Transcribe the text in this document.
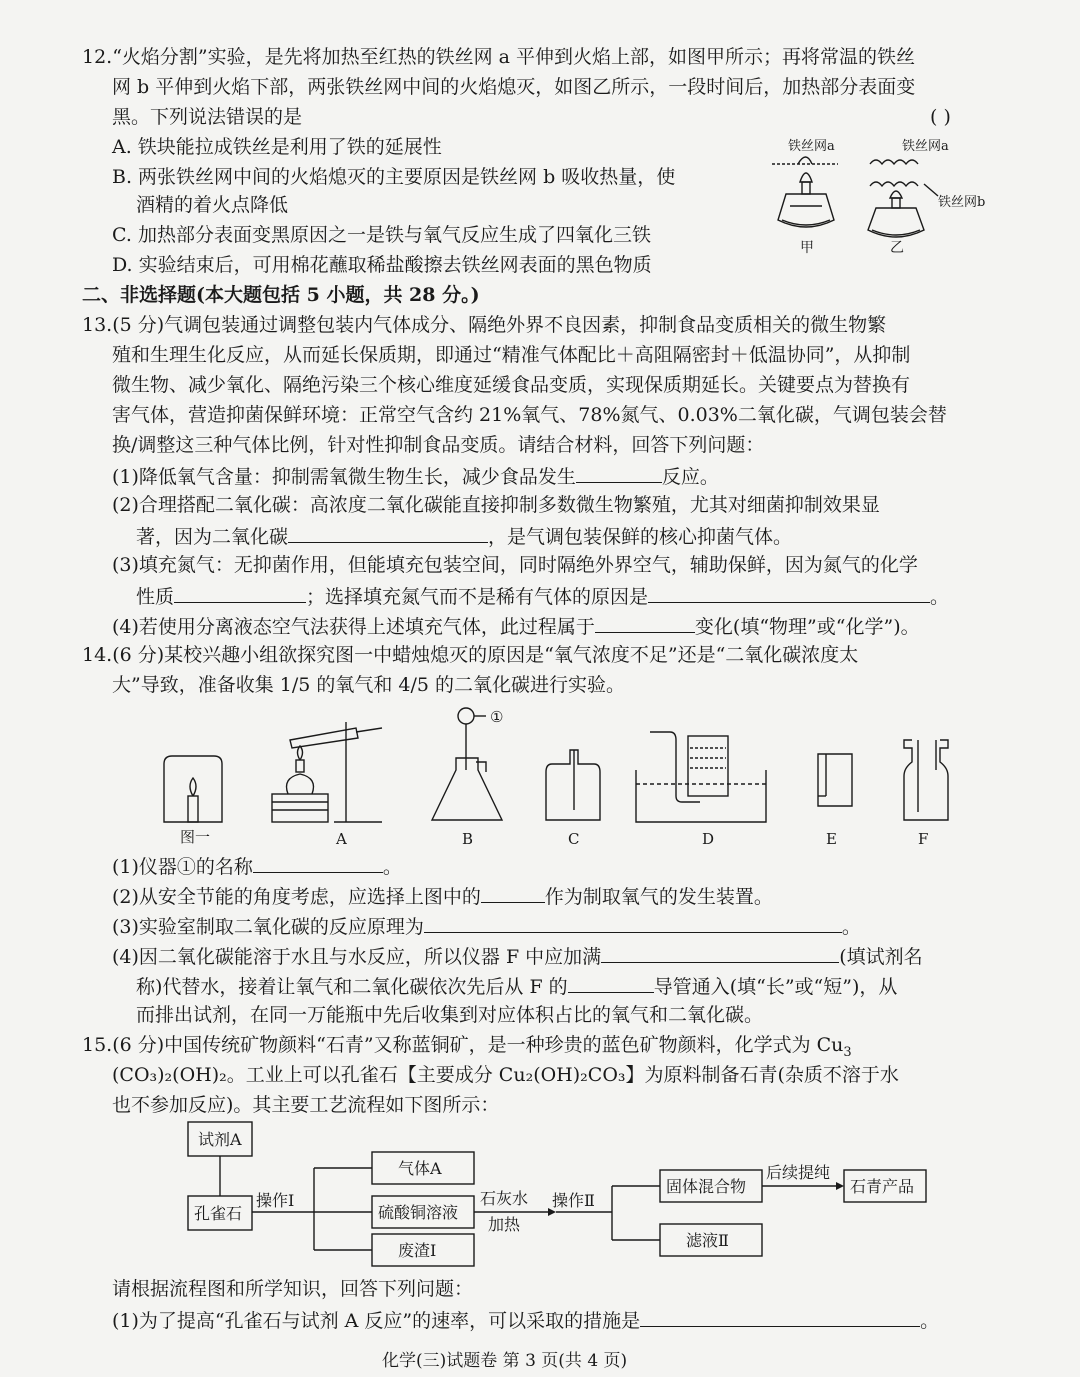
12.“火焰分割”实验，是先将加热至红热的铁丝网 a 平伸到火焰上部，如图甲所示；再将常温的铁丝
网 b 平伸到火焰下部，两张铁丝网中间的火焰熄灭，如图乙所示，一段时间后，加热部分表面变
黑。下列说法错误的是	( )
A. 铁块能拉成铁丝是利用了铁的延展性
B. 两张铁丝网中间的火焰熄灭的主要原因是铁丝网 b 吸收热量，使
酒精的着火点降低
C. 加热部分表面变黑原因之一是铁与氧气反应生成了四氧化三铁
D. 实验结束后，可用棉花蘸取稀盐酸擦去铁丝网表面的黑色物质
铁丝网a
甲
铁丝网a
铁丝网b
乙
二、非选择题(本大题包括 5 小题，共 28 分。)
13.(5 分)气调包装通过调整包装内气体成分、隔绝外界不良因素，抑制食品变质相关的微生物繁
殖和生理生化反应，从而延长保质期，即通过“精准气体配比＋高阻隔密封＋低温协同”，从抑制
微生物、减少氧化、隔绝污染三个核心维度延缓食品变质，实现保质期延长。关键要点为替换有
害气体，营造抑菌保鲜环境：正常空气含约 21%氧气、78%氮气、0.03%二氧化碳，气调包装会替
换/调整这三种气体比例，针对性抑制食品变质。请结合材料，回答下列问题：
(1)降低氧气含量：抑制需氧微生物生长，减少食品发生	反应。
(2)合理搭配二氧化碳：高浓度二氧化碳能直接抑制多数微生物繁殖，尤其对细菌抑制效果显
著，因为二氧化碳	，是气调包装保鲜的核心抑菌气体。
(3)填充氮气：无抑菌作用，但能填充包装空间，同时隔绝外界空气，辅助保鲜，因为氮气的化学
性质	；选择填充氮气而不是稀有气体的原因是	。
(4)若使用分离液态空气法获得上述填充气体，此过程属于	变化(填“物理”或“化学”)。
14.(6 分)某校兴趣小组欲探究图一中蜡烛熄灭的原因是“氧气浓度不足”还是“二氧化碳浓度太
大”导致，准备收集 1/5 的氧气和 4/5 的二氧化碳进行实验。
图一	A
①
B	C	D	E	F
(1)仪器①的名称	。
(2)从安全节能的角度考虑，应选择上图中的	作为制取氧气的发生装置。
(3)实验室制取二氧化碳的反应原理为	。
(4)因二氧化碳能溶于水且与水反应，所以仪器 F 中应加满	(填试剂名
称)代替水，接着让氧气和二氧化碳依次先后从 F 的	导管通入(填“长”或“短”)，从
而排出试剂，在同一万能瓶中先后收集到对应体积占比的氧气和二氧化碳。
15.(6 分)中国传统矿物颜料“石青”又称蓝铜矿，是一种珍贵的蓝色矿物颜料，化学式为 $Cu_3$
(CO₃)₂(OH)₂。工业上可以孔雀石【主要成分 Cu₂(OH)₂CO₃】为原料制备石青(杂质不溶于水
也不参加反应)。其主要工艺流程如下图所示：
试剂A
孔雀石
操作Ⅰ
气体A
硫酸铜溶液
废渣Ⅰ
石灰水
加热
操作Ⅱ
固体混合物
滤液Ⅱ
后续提纯
石青产品
请根据流程图和所学知识，回答下列问题：
(1)为了提高“孔雀石与试剂 A 反应”的速率，可以采取的措施是	。
化学(三)试题卷 第 3 页(共 4 页)
